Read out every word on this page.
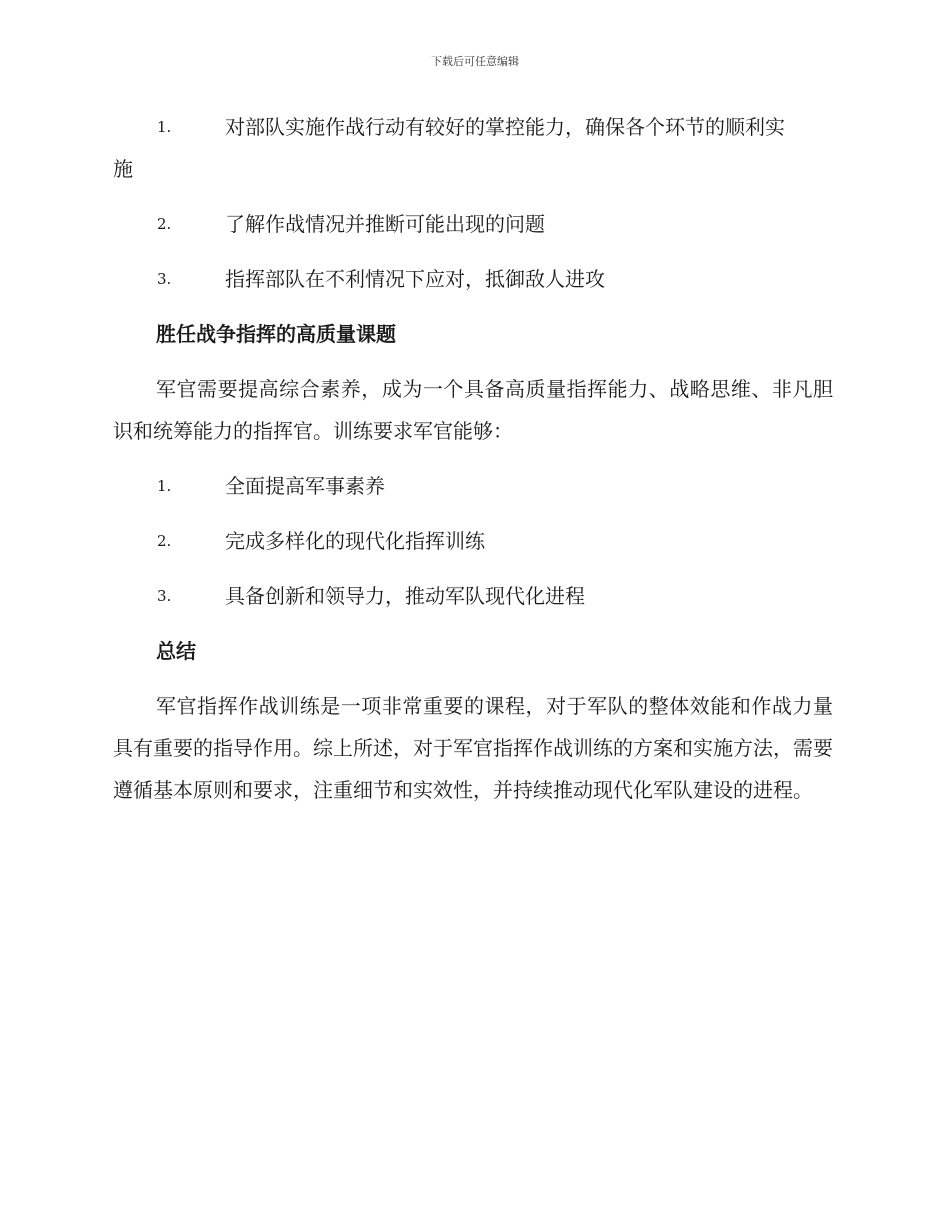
下载后可任意编辑
1.	对部队实施作战行动有较好的掌控能力，确保各个环节的顺利实
施
2.	了解作战情况并推断可能出现的问题
3.	指挥部队在不利情况下应对，抵御敌人进攻
胜任战争指挥的高质量课题

军官需要提高综合素养，成为一个具备高质量指挥能力、战略思维、非凡胆识和统筹能力的指挥官。训练要求军官能够：

1.	全面提高军事素养
2.	完成多样化的现代化指挥训练
3.	具备创新和领导力，推动军队现代化进程
总结

军官指挥作战训练是一项非常重要的课程，对于军队的整体效能和作战力量具有重要的指导作用。综上所述，对于军官指挥作战训练的方案和实施方法，需要遵循基本原则和要求，注重细节和实效性，并持续推动现代化军队建设的进程。
